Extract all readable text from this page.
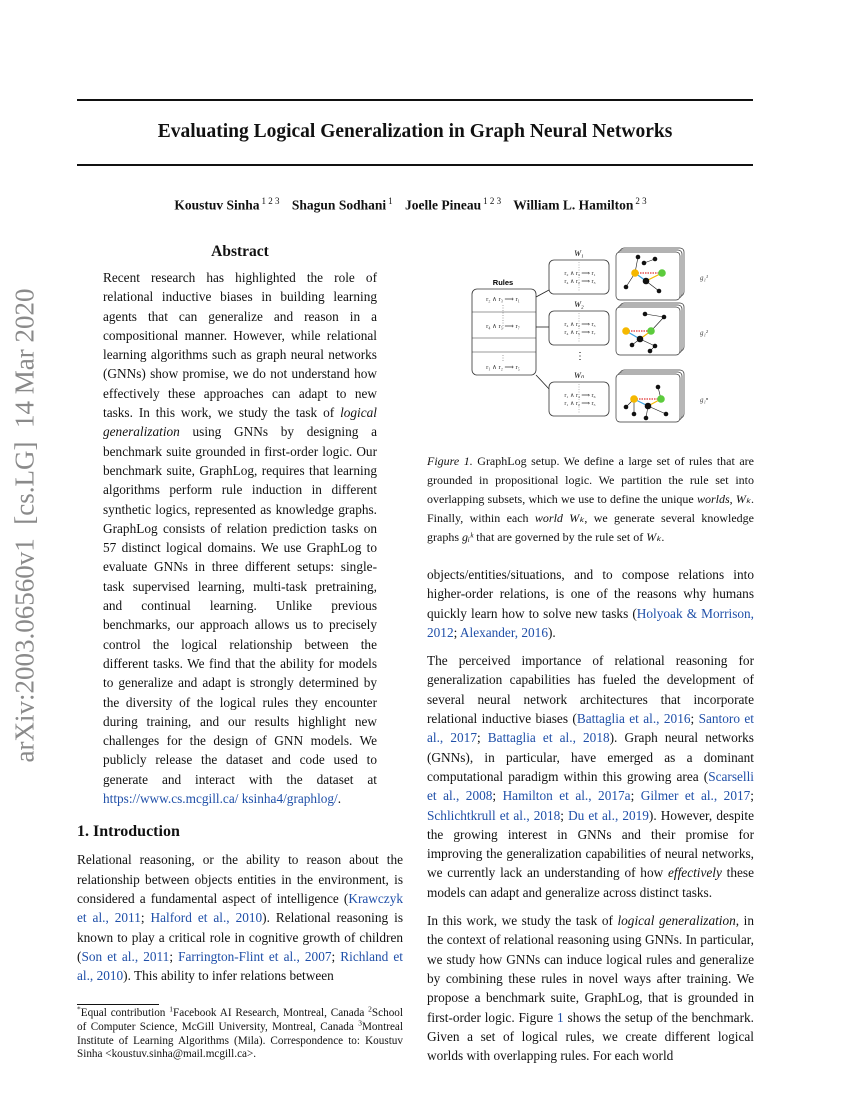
arXiv:2003.06560v1  [cs.LG]  14 Mar 2020
Evaluating Logical Generalization in Graph Neural Networks
Koustuv Sinha $^{1 2 3}$ Shagun Sodhani $^1$ Joelle Pineau $^{1 2 3}$ William L. Hamilton $^{2 3}$
Abstract
Recent research has highlighted the role of relational inductive biases in building learning agents that can generalize and reason in a compositional manner. However, while relational learning algorithms such as graph neural networks (GNNs) show promise, we do not understand how effectively these approaches can adapt to new tasks. In this work, we study the task of logical generalization using GNNs by designing a benchmark suite grounded in first-order logic. Our benchmark suite, GraphLog, requires that learning algorithms perform rule induction in different synthetic logics, represented as knowledge graphs. GraphLog consists of relation prediction tasks on 57 distinct logical domains. We use GraphLog to evaluate GNNs in three different setups: single-task supervised learning, multi-task pretraining, and continual learning. Unlike previous benchmarks, our approach allows us to precisely control the logical relationship between the different tasks. We find that the ability for models to generalize and adapt is strongly determined by the diversity of the logical rules they encounter during training, and our results highlight new challenges for the design of GNN models. We publicly release the dataset and code used to generate and interact with the dataset at https://www.cs.mcgill.ca/ ksinha4/graphlog/.
1. Introduction

Relational reasoning, or the ability to reason about the relationship between objects entities in the environment, is considered a fundamental aspect of intelligence (Krawczyk et al., 2011; Halford et al., 2010). Relational reasoning is known to play a critical role in cognitive growth of children (Son et al., 2011; Farrington-Flint et al., 2007; Richland et al., 2010). This ability to infer relations between

*Equal contribution $^1$Facebook AI Research, Montreal, Canada $^2$School of Computer Science, McGill University, Montreal, Canada $^3$Montreal Institute of Learning Algorithms (Mila). Correspondence to: Koustuv Sinha <koustuv.sinha@mail.mcgill.ca>.
Rules
r₂ ∧ r₃ ⟹ r₁
r₄ ∧ r₅ ⟹ r₇
r₁ ∧ r₂ ⟹ r₅
W₁
r₂ ∧ r₃ ⟹ r₁
r₄ ∧ r₂ ⟹ r₃	g₁¹
W₂
r₄ ∧ r₂ ⟹ r₃
r₄ ∧ r₅ ⟹ r₇	g₁²
Wₙ
r₁ ∧ r₄ ⟹ r₆
r₁ ∧ r₂ ⟹ r₅	g₁ⁿ
⋮
Figure 1. GraphLog setup. We define a large set of rules that are grounded in propositional logic. We partition the rule set into overlapping subsets, which we use to define the unique worlds, Wₖ. Finally, within each world Wₖ, we generate several knowledge graphs gᵢᵏ that are governed by the rule set of Wₖ.

objects/entities/situations, and to compose relations into higher-order relations, is one of the reasons why humans quickly learn how to solve new tasks (Holyoak & Morrison, 2012; Alexander, 2016).

The perceived importance of relational reasoning for generalization capabilities has fueled the development of several neural network architectures that incorporate relational inductive biases (Battaglia et al., 2016; Santoro et al., 2017; Battaglia et al., 2018). Graph neural networks (GNNs), in particular, have emerged as a dominant computational paradigm within this growing area (Scarselli et al., 2008; Hamilton et al., 2017a; Gilmer et al., 2017; Schlichtkrull et al., 2018; Du et al., 2019). However, despite the growing interest in GNNs and their promise for improving the generalization capabilities of neural networks, we currently lack an understanding of how effectively these models can adapt and generalize across distinct tasks.

In this work, we study the task of logical generalization, in the context of relational reasoning using GNNs. In particular, we study how GNNs can induce logical rules and generalize by combining these rules in novel ways after training. We propose a benchmark suite, GraphLog, that is grounded in first-order logic. Figure 1 shows the setup of the benchmark. Given a set of logical rules, we create different logical worlds with overlapping rules. For each world
